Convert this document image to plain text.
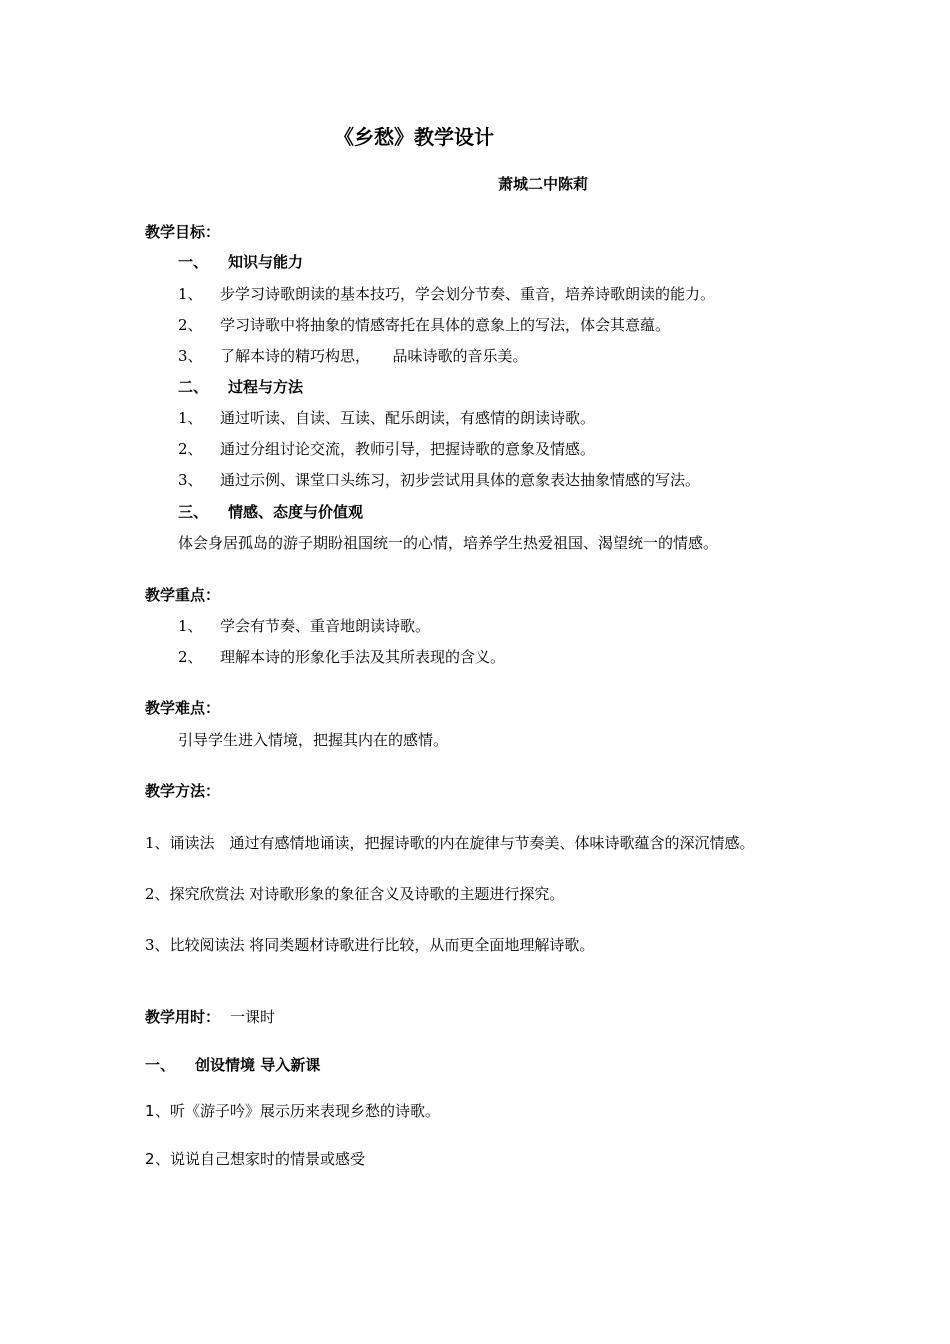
《乡愁》教学设计
萧城二中陈莉
教学目标：
一、 知识与能力
1、 步学习诗歌朗读的基本技巧，学会划分节奏、重音，培养诗歌朗读的能力。
2、 学习诗歌中将抽象的情感寄托在具体的意象上的写法，体会其意蕴。
3、 了解本诗的精巧构思，　　品味诗歌的音乐美。
二、 过程与方法
1、 通过听读、自读、互读、配乐朗读，有感情的朗读诗歌。
2、 通过分组讨论交流，教师引导，把握诗歌的意象及情感。
3、 通过示例、课堂口头练习，初步尝试用具体的意象表达抽象情感的写法。
三、 情感、态度与价值观
体会身居孤岛的游子期盼祖国统一的心情，培养学生热爱祖国、渴望统一的情感。
教学重点：
1、 学会有节奏、重音地朗读诗歌。
2、 理解本诗的形象化手法及其所表现的含义。
教学难点：
引导学生进入情境，把握其内在的感情。
教学方法：
1、诵读法　通过有感情地诵读，把握诗歌的内在旋律与节奏美、体味诗歌蕴含的深沉情感。
2、探究欣赏法 对诗歌形象的象征含义及诗歌的主题进行探究。
3、比较阅读法 将同类题材诗歌进行比较，从而更全面地理解诗歌。
教学用时： 一课时
一、 创设情境 导入新课
1 、听《游子吟》展示历来表现乡愁的诗歌。
2 、说说自己想家时的情景或感受
